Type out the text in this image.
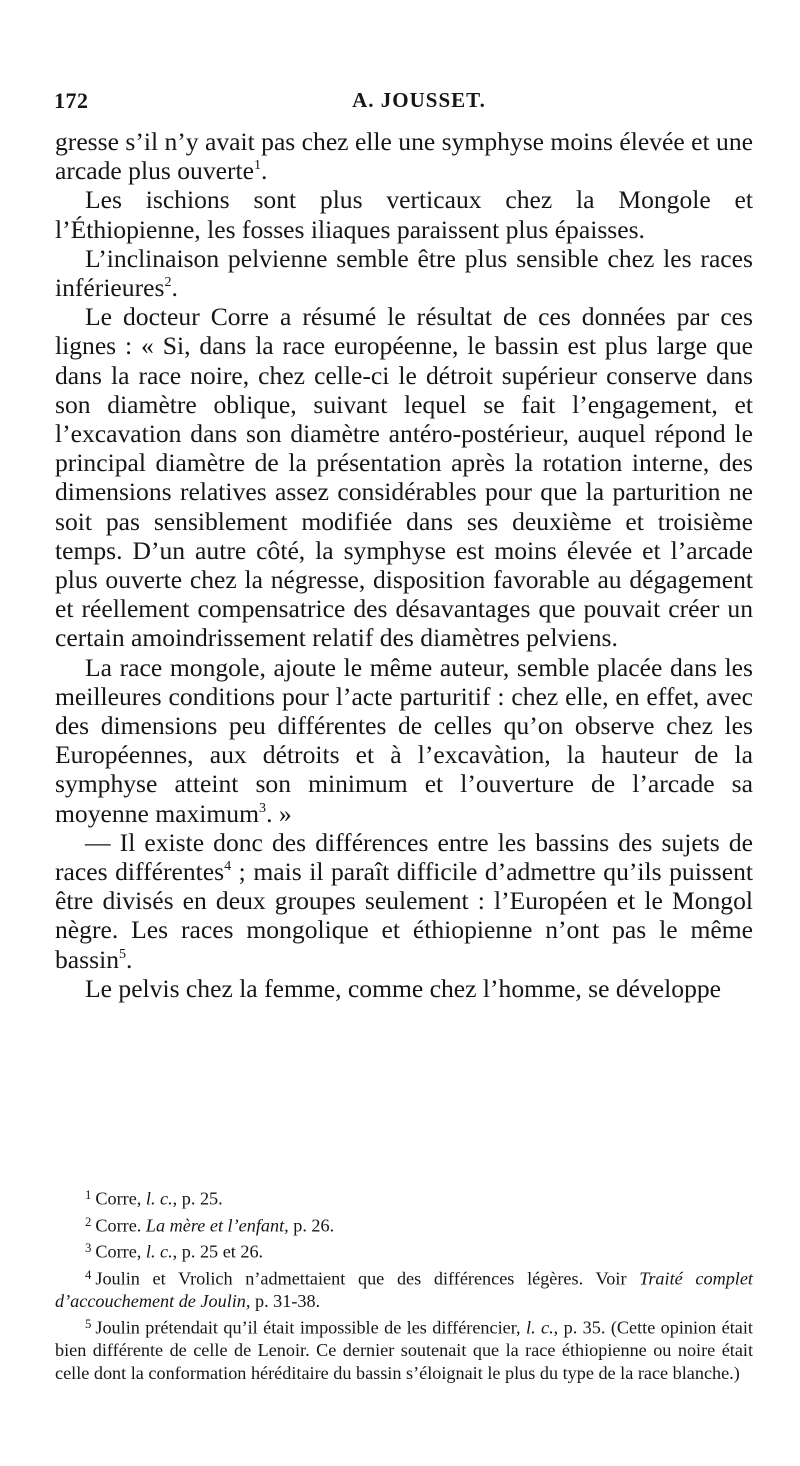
172	A. JOUSSET.

gresse s’il n’y avait pas chez elle une symphyse moins élevée et une arcade plus ouverte$^1$.

Les ischions sont plus verticaux chez la Mongole et l’Éthiopienne, les fosses iliaques paraissent plus épaisses.

L’inclinaison pelvienne semble être plus sensible chez les races inférieures$^2$.

Le docteur Corre a résumé le résultat de ces données par ces lignes : « Si, dans la race européenne, le bassin est plus large que dans la race noire, chez celle-ci le détroit supérieur conserve dans son diamètre oblique, suivant lequel se fait l’engagement, et l’excavation dans son diamètre antéro-postérieur, auquel répond le principal diamètre de la présentation après la rotation interne, des dimensions relatives assez considérables pour que la parturition ne soit pas sensiblement modifiée dans ses deuxième et troisième temps. D’un autre côté, la symphyse est moins élevée et l’arcade plus ouverte chez la négresse, disposition favorable au dégagement et réellement compensatrice des désavantages que pouvait créer un certain amoindrissement relatif des diamètres pelviens.

La race mongole, ajoute le même auteur, semble placée dans les meilleures conditions pour l’acte parturitif : chez elle, en effet, avec des dimensions peu différentes de celles qu’on observe chez les Européennes, aux détroits et à l’excavàtion, la hauteur de la symphyse atteint son minimum et l’ouverture de l’arcade sa moyenne maximum$^3$. »

— Il existe donc des différences entre les bassins des sujets de races différentes$^4$ ; mais il paraît difficile d’admettre qu’ils puissent être divisés en deux groupes seulement : l’Européen et le Mongol nègre. Les races mongolique et éthiopienne n’ont pas le même bassin$^5$.

Le pelvis chez la femme, comme chez l’homme, se développe

$^1$ Corre, l. c., p. 25.

$^2$ Corre. La mère et l’enfant, p. 26.

$^3$ Corre, l. c., p. 25 et 26.

$^4$ Joulin et Vrolich n’admettaient que des différences légères. Voir Traité complet d’accouchement de Joulin, p. 31-38.

$^5$ Joulin prétendait qu’il était impossible de les différencier, l. c., p. 35. (Cette opinion était bien différente de celle de Lenoir. Ce dernier soutenait que la race éthiopienne ou noire était celle dont la conformation héréditaire du bassin s’éloignait le plus du type de la race blanche.)
